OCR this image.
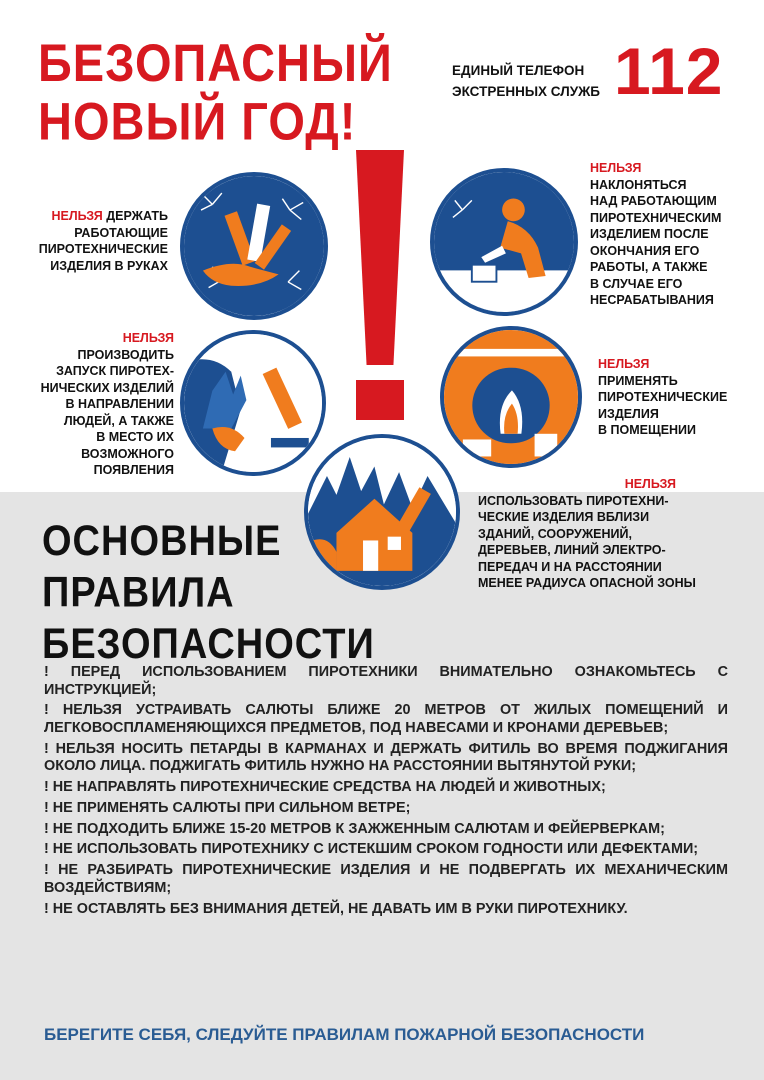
БЕЗОПАСНЫЙ
НОВЫЙ ГОД!
ЕДИНЫЙ ТЕЛЕФОН
ЭКСТРЕННЫХ СЛУЖБ 112
НЕЛЬЗЯ ДЕРЖАТЬ
РАБОТАЮЩИЕ
ПИРОТЕХНИЧЕСКИЕ
ИЗДЕЛИЯ В РУКАХ
НЕЛЬЗЯ
НАКЛОНЯТЬСЯ
НАД РАБОТАЮЩИМ
ПИРОТЕХНИЧЕСКИМ
ИЗДЕЛИЕМ ПОСЛЕ
ОКОНЧАНИЯ ЕГО
РАБОТЫ, А ТАКЖЕ
В СЛУЧАЕ ЕГО
НЕСРАБАТЫВАНИЯ
НЕЛЬЗЯ
ПРОИЗВОДИТЬ
ЗАПУСК ПИРОТЕХ-
НИЧЕСКИХ ИЗДЕЛИЙ
В НАПРАВЛЕНИИ
ЛЮДЕЙ, А ТАКЖЕ
В МЕСТО ИХ
ВОЗМОЖНОГО
ПОЯВЛЕНИЯ
НЕЛЬЗЯ
ПРИМЕНЯТЬ
ПИРОТЕХНИЧЕСКИЕ
ИЗДЕЛИЯ
В ПОМЕЩЕНИИ
НЕЛЬЗЯ
ИСПОЛЬЗОВАТЬ ПИРОТЕХНИ-
ЧЕСКИЕ ИЗДЕЛИЯ ВБЛИЗИ
ЗДАНИЙ, СООРУЖЕНИЙ,
ДЕРЕВЬЕВ, ЛИНИЙ ЭЛЕКТРО-
ПЕРЕДАЧ И НА РАССТОЯНИИ
МЕНЕЕ РАДИУСА ОПАСНОЙ ЗОНЫ
ОСНОВНЫЕ
ПРАВИЛА
БЕЗОПАСНОСТИ
! ПЕРЕД ИСПОЛЬЗОВАНИЕМ ПИРОТЕХНИКИ ВНИМАТЕЛЬНО ОЗНАКОМЬТЕСЬ С ИНСТРУКЦИЕЙ;
! НЕЛЬЗЯ УСТРАИВАТЬ САЛЮТЫ БЛИЖЕ 20 МЕТРОВ ОТ ЖИЛЫХ ПОМЕЩЕНИЙ И ЛЕГКОВОСПЛАМЕНЯЮЩИХСЯ ПРЕДМЕТОВ, ПОД НАВЕСАМИ И КРОНАМИ ДЕРЕВЬЕВ;
! НЕЛЬЗЯ НОСИТЬ ПЕТАРДЫ В КАРМАНАХ И ДЕРЖАТЬ ФИТИЛЬ ВО ВРЕМЯ ПОДЖИГАНИЯ ОКОЛО ЛИЦА. ПОДЖИГАТЬ ФИТИЛЬ НУЖНО НА РАССТОЯНИИ ВЫТЯНУТОЙ РУКИ;
! НЕ НАПРАВЛЯТЬ ПИРОТЕХНИЧЕСКИЕ СРЕДСТВА НА ЛЮДЕЙ И ЖИВОТНЫХ;
! НЕ ПРИМЕНЯТЬ САЛЮТЫ ПРИ СИЛЬНОМ ВЕТРЕ;
! НЕ ПОДХОДИТЬ БЛИЖЕ 15-20 МЕТРОВ К ЗАЖЖЕННЫМ САЛЮТАМ И ФЕЙЕРВЕРКАМ;
! НЕ ИСПОЛЬЗОВАТЬ ПИРОТЕХНИКУ С ИСТЕКШИМ СРОКОМ ГОДНОСТИ ИЛИ ДЕФЕКТАМИ;
! НЕ РАЗБИРАТЬ ПИРОТЕХНИЧЕСКИЕ ИЗДЕЛИЯ И НЕ ПОДВЕРГАТЬ ИХ МЕХАНИЧЕСКИМ ВОЗДЕЙСТВИЯМ;
! НЕ ОСТАВЛЯТЬ БЕЗ ВНИМАНИЯ ДЕТЕЙ, НЕ ДАВАТЬ ИМ В РУКИ ПИРОТЕХНИКУ.
БЕРЕГИТЕ СЕБЯ, СЛЕДУЙТЕ ПРАВИЛАМ ПОЖАРНОЙ БЕЗОПАСНОСТИ
